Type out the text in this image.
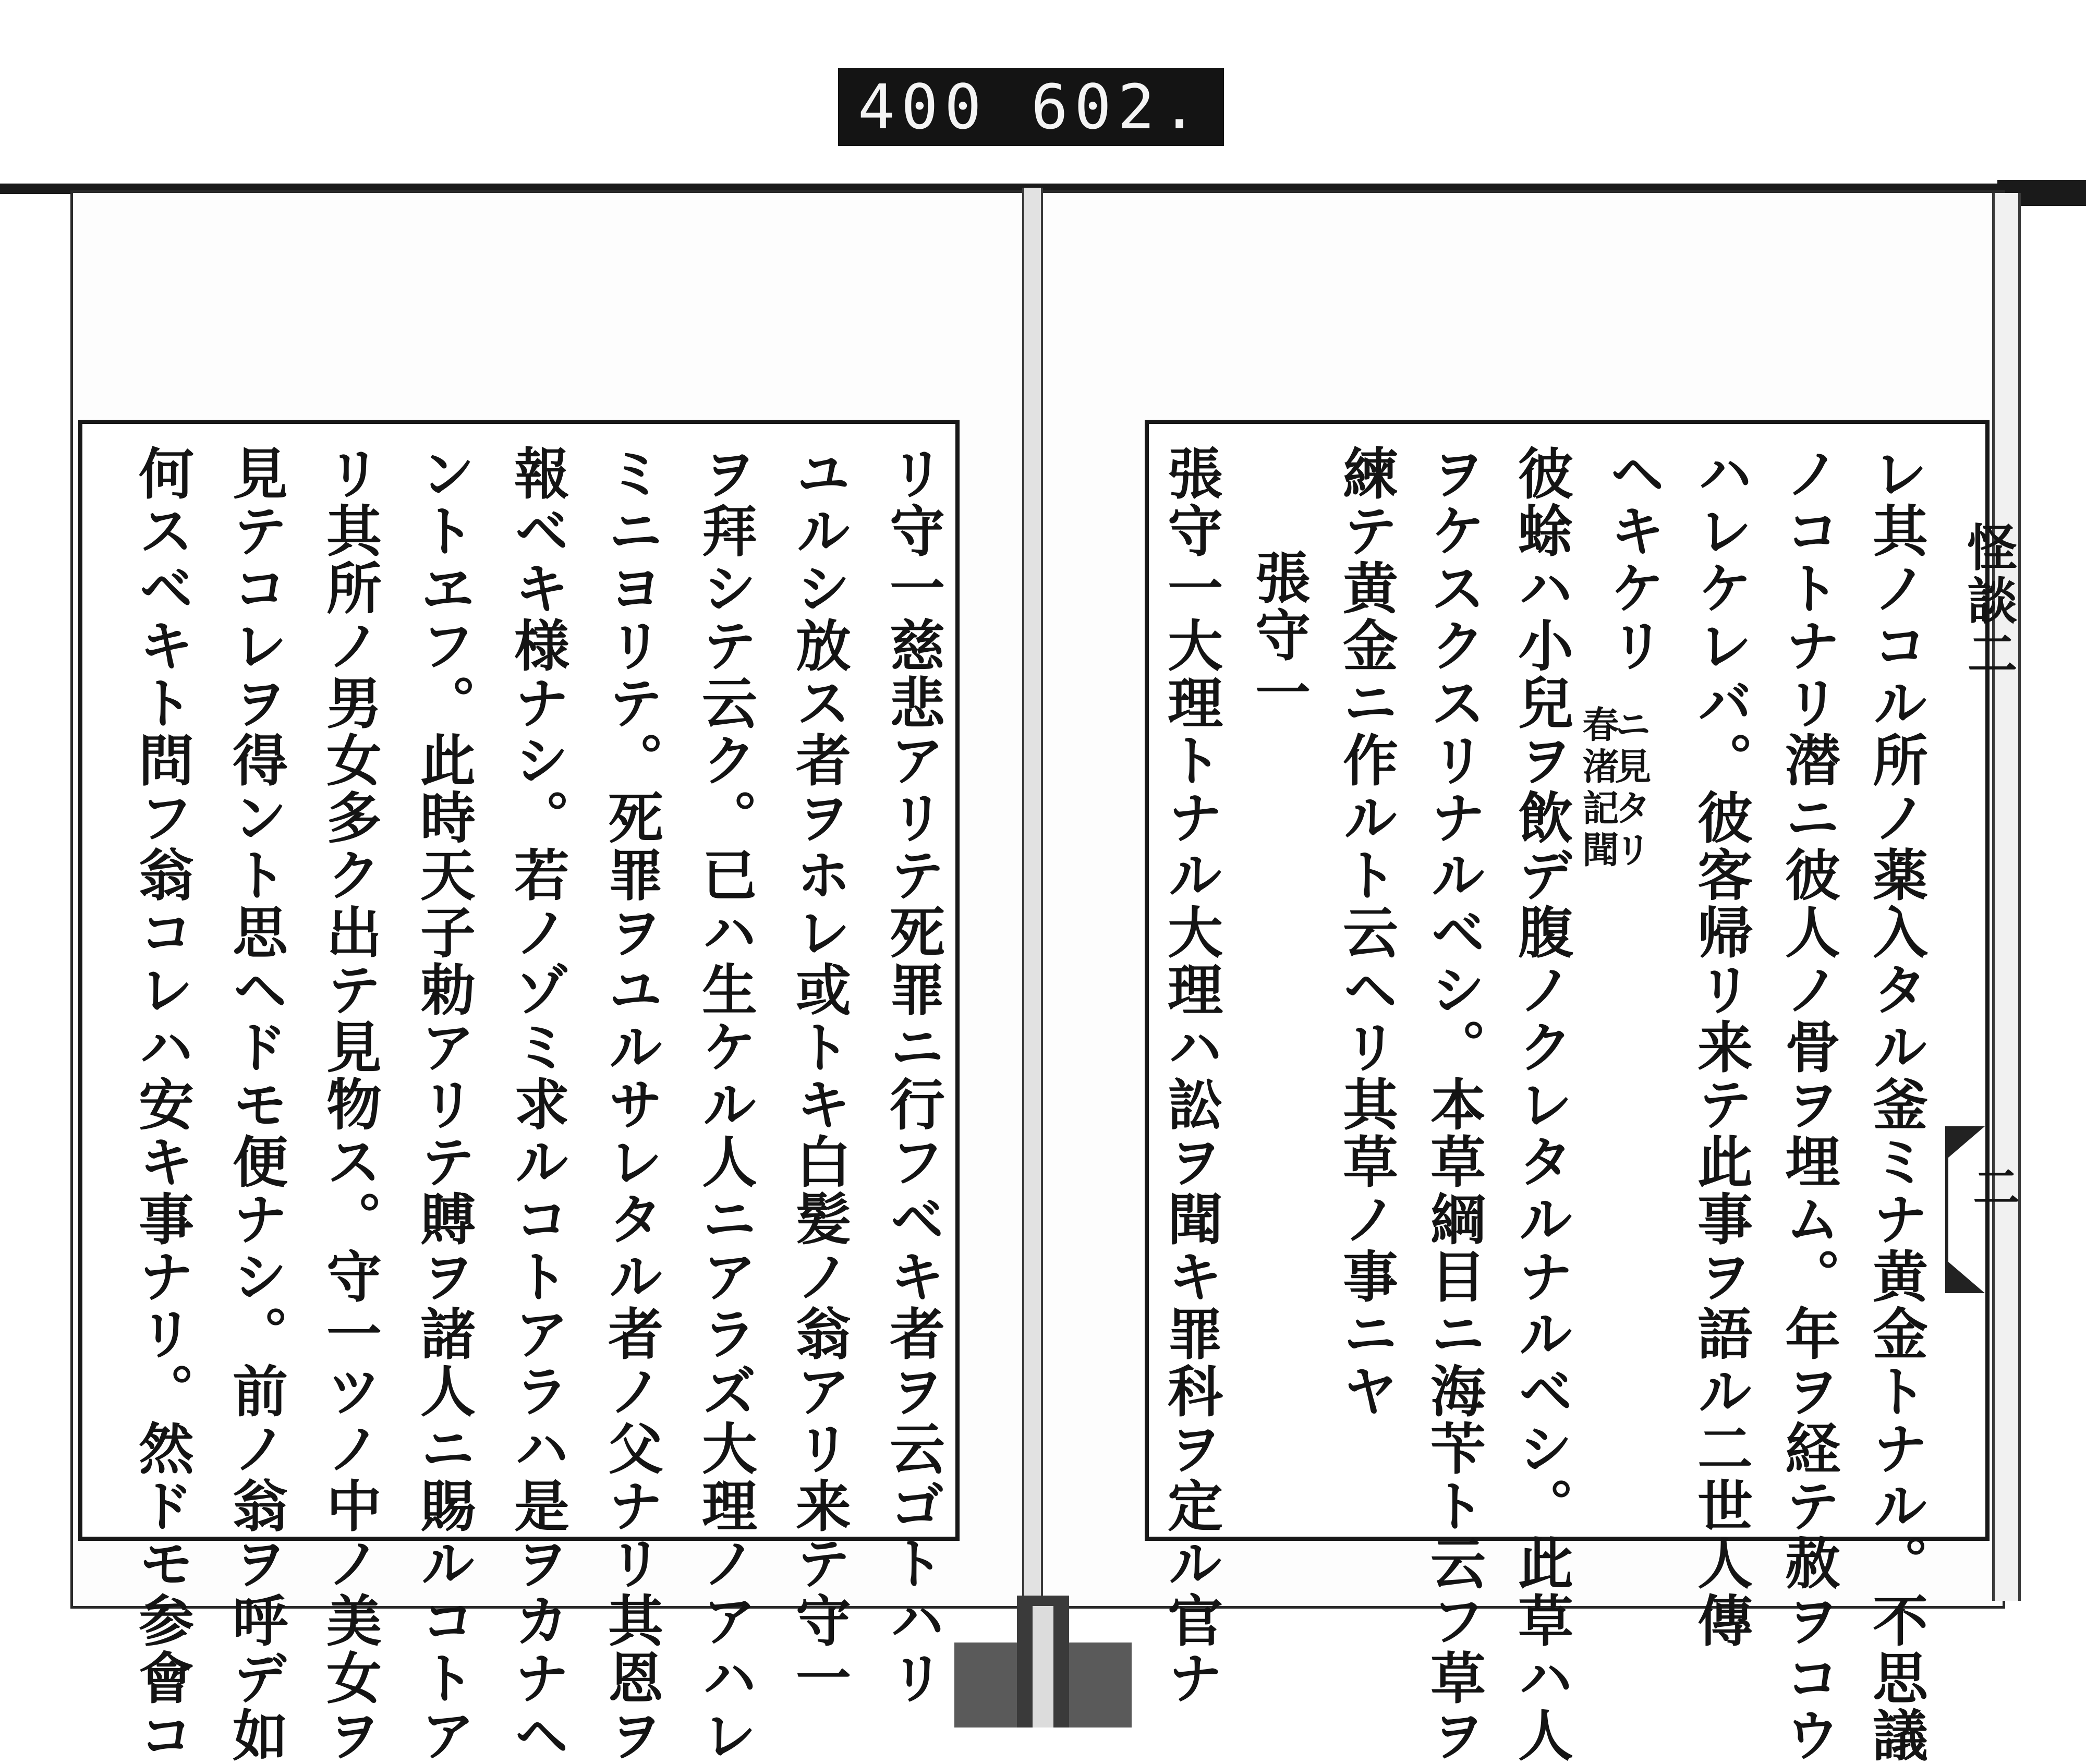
400 602.
リ守一慈悲アリテ死罪ニ行フベキ者ヲ云ゴトハリ
ユルシ放ス者ヲホレ或トキ白髪ノ翁アリ来テ守一
ヲ拜シテ云ク。已ハ生ケル人ニアラズ大理ノアハレ
ミニヨリテ。死罪ヲユルサレタル者ノ父ナリ其恩ヲ
報ベキ様ナシ。若ノゾミ求ルコトアラハ是ヲカナヘ
ントヱフ。此時天子勅アリテ賻ヲ諸人ニ賜ルコトア
リ其所ノ男女多ク出テ見物ス。守一ツノ中ノ美女ヲ
見テコレヲ得ント思ヘドモ便ナシ。前ノ翁ヲ呼デ如
何スベキト問フ翁コレハ安キ事ナリ。然ドモ参會コ	レ其ノコル所ノ薬入タル釜ミナ黄金トナル。不思議
ノコトナリ潜ニ彼人ノ骨ヲ埋ム。年ヲ経テ赦ヲコウ
ハレケレバ。彼客帰リ来テ此事ヲ語ル二世人傳
ヘキケリ
ニ見タリ
春渚記聞
彼蜍ハ小兒ヲ飲デ腹ノクレタルナルベシ。此草ハ人
ヲケスクスリナルベシ。本草綱目ニ海苄ト云フ草ヲ
練テ黄金ニ作ルト云ヘリ其草ノ事ニヤ
張守一
張守一大理トナル大理ハ訟ヲ聞キ罪科ヲ定ル官ナ	怪談二
二
